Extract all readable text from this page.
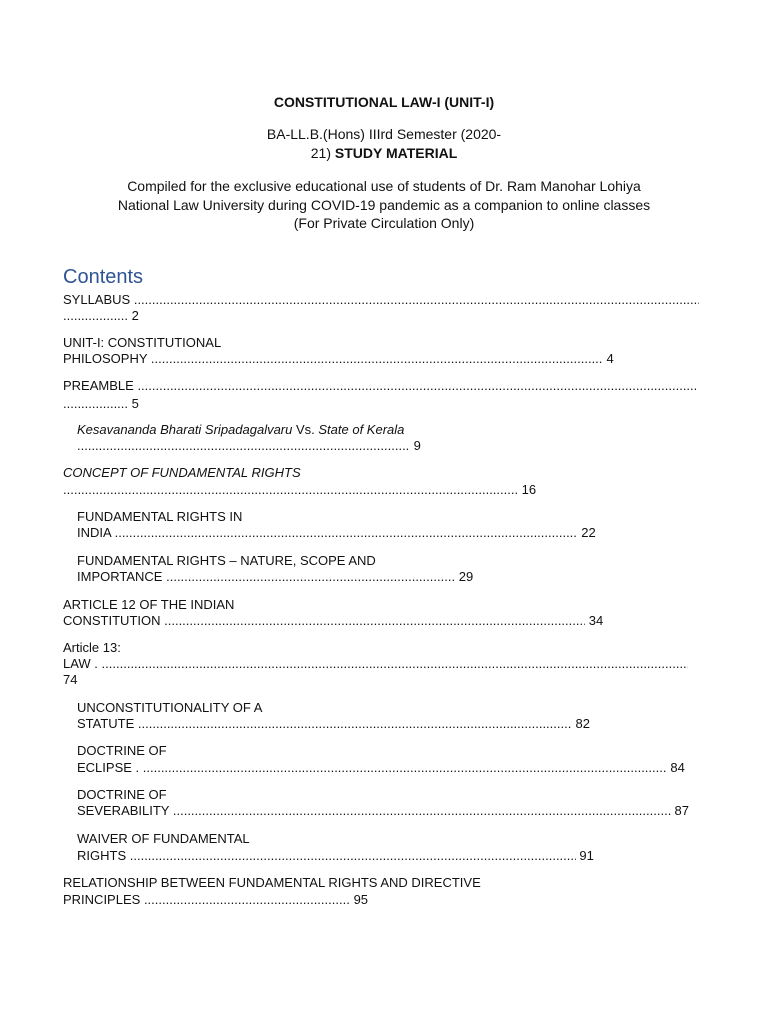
CONSTITUTIONAL LAW-I (UNIT-I)
BA-LL.B.(Hons) IIIrd Semester (2020-
21) STUDY MATERIAL
Compiled for the exclusive educational use of students of Dr. Ram Manohar Lohiya
National Law University during COVID-19 pandemic as a companion to online classes
(For Private Circulation Only)
Contents
SYLLABUS .....
..... 2
UNIT-I: CONSTITUTIONAL
PHILOSOPHY .....	4
PREAMBLE .....
..... 5
Kesavananda Bharati Sripadagalvaru Vs. State of Kerala
..... 9
CONCEPT OF FUNDAMENTAL RIGHTS
..... 16
FUNDAMENTAL RIGHTS IN
INDIA .....	22
FUNDAMENTAL RIGHTS – NATURE, SCOPE AND
IMPORTANCE .....	29
ARTICLE 12 OF THE INDIAN
CONSTITUTION .....	34
Article 13:
LAW . .....
74
UNCONSTITUTIONALITY OF A
STATUTE .....	82
DOCTRINE OF
ECLIPSE . .....	84
DOCTRINE OF
SEVERABILITY .....	87
WAIVER OF FUNDAMENTAL
RIGHTS .....	91
RELATIONSHIP BETWEEN FUNDAMENTAL RIGHTS AND DIRECTIVE
PRINCIPLES .....	95
